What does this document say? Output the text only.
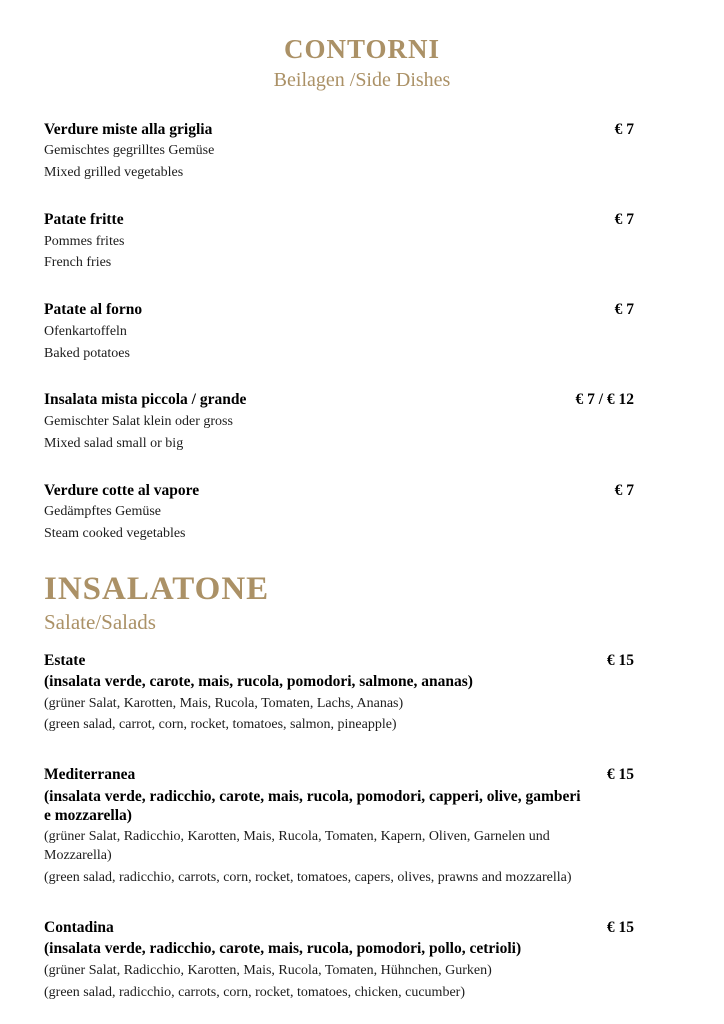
CONTORNI
Beilagen /Side Dishes
Verdure miste alla griglia
Gemischtes gegrilltes Gemüse
Mixed grilled vegetables
€ 7
Patate fritte
Pommes frites
French fries
€ 7
Patate al forno
Ofenkartoffeln
Baked potatoes
€ 7
Insalata mista piccola / grande
Gemischter Salat klein oder gross
Mixed salad small or big
€ 7 / € 12
Verdure cotte al vapore
Gedämpftes Gemüse
Steam cooked vegetables
€ 7
INSALATONE
Salate/Salads
Estate
(insalata verde, carote, mais, rucola, pomodori, salmone, ananas)
(grüner Salat, Karotten, Mais, Rucola, Tomaten, Lachs, Ananas)
(green salad, carrot, corn, rocket, tomatoes, salmon, pineapple)
€ 15
Mediterranea
(insalata verde, radicchio, carote, mais, rucola, pomodori, capperi, olive, gamberi e mozzarella)
(grüner Salat, Radicchio, Karotten, Mais, Rucola, Tomaten, Kapern, Oliven, Garnelen und Mozzarella)
(green salad, radicchio, carrots, corn, rocket, tomatoes, capers, olives, prawns and mozzarella)
€ 15
Contadina
(insalata verde, radicchio, carote, mais, rucola, pomodori, pollo, cetrioli)
(grüner Salat, Radicchio, Karotten, Mais, Rucola, Tomaten, Hühnchen, Gurken)
(green salad, radicchio, carrots, corn, rocket, tomatoes, chicken, cucumber)
€ 15
